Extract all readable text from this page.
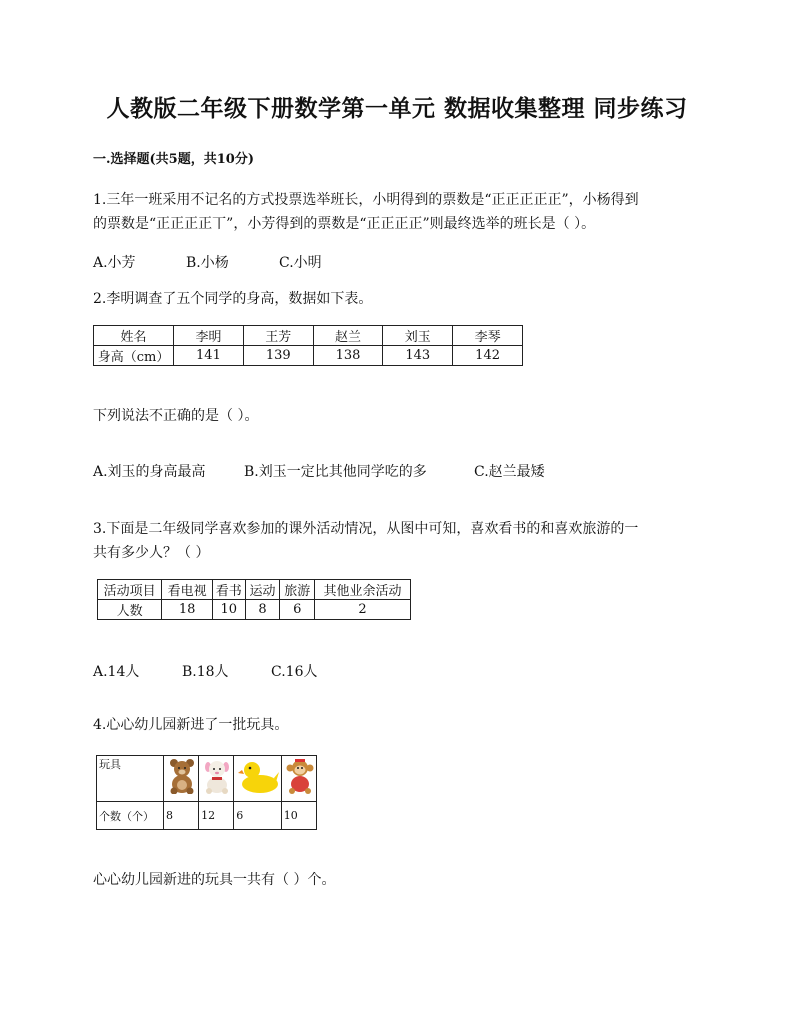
人教版二年级下册数学第一单元 数据收集整理 同步练习
一.选择题(共5题，共10分)
1.三年一班采用不记名的方式投票选举班长，小明得到的票数是“正正正正正”，小杨得到
的票数是“正正正正丅”，小芳得到的票数是“正正正正”则最终选举的班长是（ ）。
A.小芳	B.小杨	C.小明
2.李明调查了五个同学的身高，数据如下表。
姓名	李明	王芳	赵兰	刘玉	李琴
身高（cm）	141	139	138	143	142
下列说法不正确的是（ ）。
A.刘玉的身高最高	B.刘玉一定比其他同学吃的多	C.赵兰最矮
3.下面是二年级同学喜欢参加的课外活动情况，从图中可知，喜欢看书的和喜欢旅游的一
共有多少人？（ ）
活动项目	看电视	看书	运动	旅游	其他业余活动
人数	18	10	8	6	2
A.14人	B.18人	C.16人
4.心心幼儿园新进了一批玩具。
玩具	

个数（个）	8	12	6	10
心心幼儿园新进的玩具一共有（ ）个。
